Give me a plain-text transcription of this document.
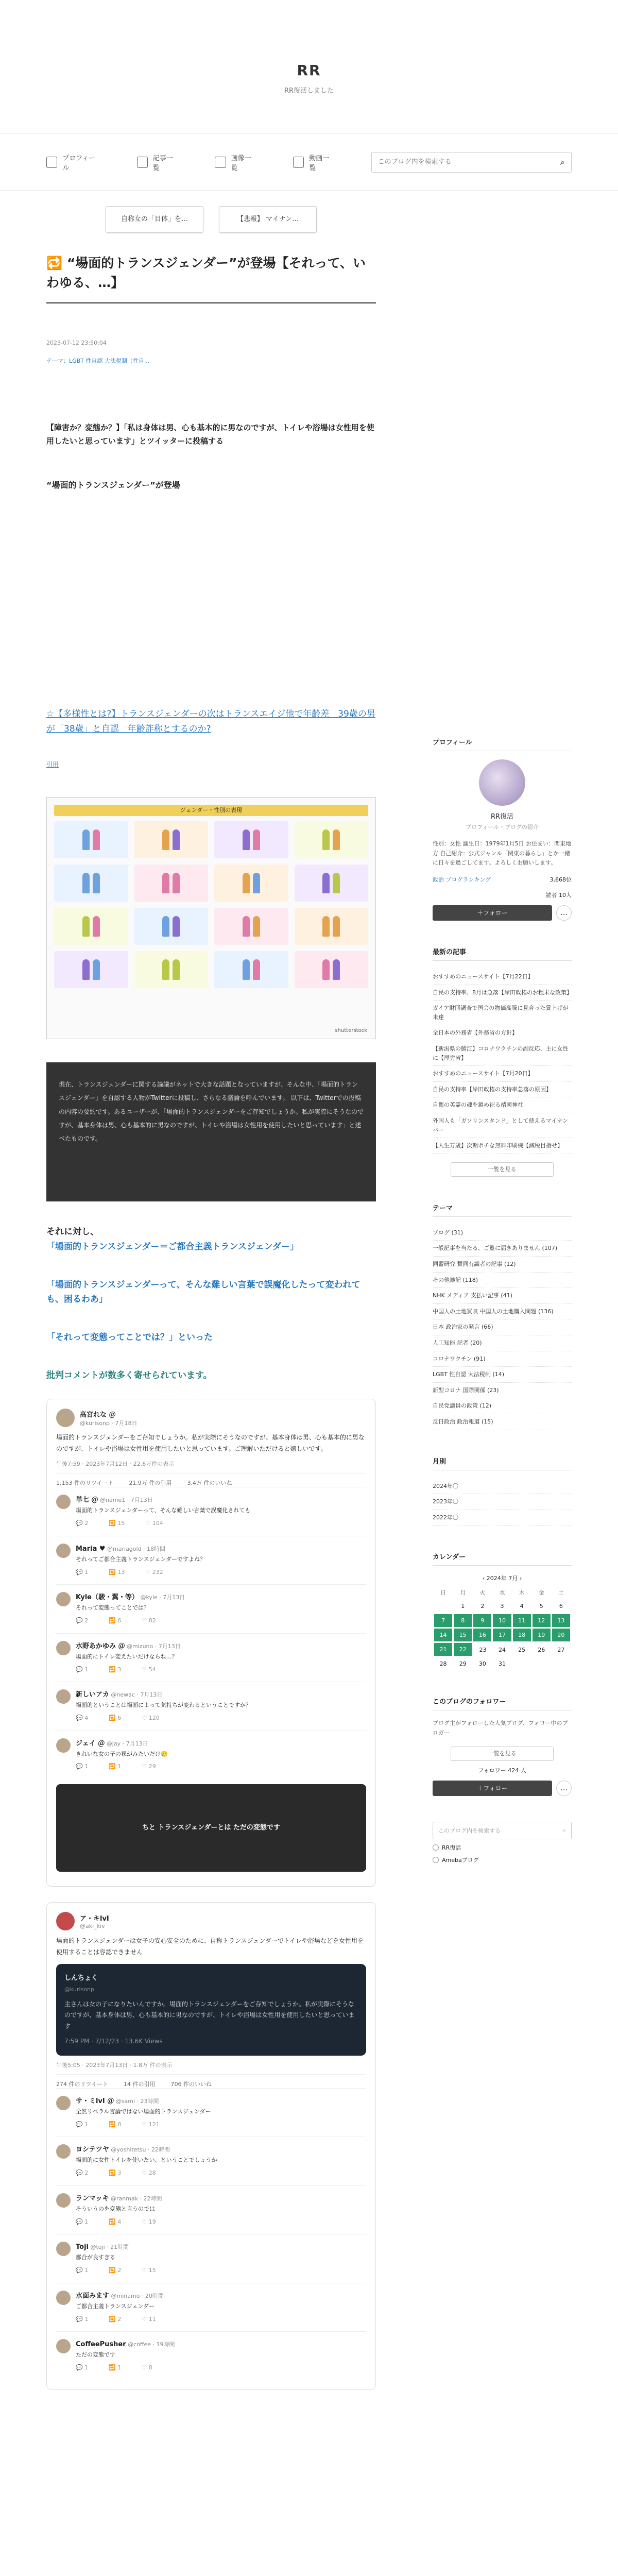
RR
RR復活しました
プロフィール
記事一覧
画像一覧
動画一覧
このブログ内を検索する
⌕
自称女の「目体」を…	【悲報】 マイナン…
🔁 “場面的トランスジェンダー”が登場【それって、いわゆる、…】
2023-07-12 23:50:04
テーマ：LGBT 性自認 大法税制（性自...
【障害か？変態か？】「私は身体は男、心も基本的に男なのですが、トイレや浴場は女性用を使用したいと思っています」とツイッターに投稿する
“場面的トランスジェンダー”が登場
☆【多様性とは?】トランスジェンダーの次はトランスエイジ他で年齢差　39歳の男が「38歳」と自認　年齢詐称とするのか?
引用
ジェンダー・性別の表現
shutterstock
現在、トランスジェンダーに関する論議がネットで大きな話題となっていますが、そんな中、「場面的トランスジェンダー」を自認する人物がTwitterに投稿し、さらなる議論を呼んでいます。 以下は、Twitterでの投稿の内容の要約です。あるユーザーが、「場面的トランスジェンダーをご存知でしょうか。私が実際にそうなのですが、基本身体は男、心も基本的に男なのですが、トイレや浴場は女性用を使用したいと思っています」と述べたものです。
それに対し、
「場面的トランスジェンダー＝ご都合主義トランスジェンダー」
「場面的トランスジェンダーって、そんな難しい言葉で誤魔化したって変われても、困るわあ」
「それって変態ってことでは？」といった
批判コメントが数多く寄せられています。
高宮れな ＠
@kurisonp · 7月18日
場面的トランスジェンダーをご存知でしょうか。私が実際にそうなのですが、基本身体は男、心も基本的に男なのですが、トイレや浴場は女性用を使用したいと思っています。ご理解いただけると嬉しいです。
午後7:59 · 2023年7月12日 · 22.6万件の表示
1,153 件のリツイート	21.9万 件の引用	3.4万 件のいいね
単七 ＠ @name1 · 7月13日
場面的トランスジェンダーって、そんな難しい言葉で誤魔化されても
💬 2	🔁 15	♡ 104
Maria ♥ @mariagold · 18時間
それってご都合主義トランスジェンダーですよね？
💬 1	🔁 13	♡ 232
Kyle（駿・翼・等） @kyle · 7月13日
それって変態ってことでは？
💬 2	🔁 6	♡ 82
水野あかゆみ ＠ @mizuno · 7月13日
場面的にトイレ変えたいだけならね…？
💬 1	🔁 3	♡ 54
新しいアカ @newac · 7月13日
場面的ということは場面によって気持ちが変わるということですか？
💬 4	🔁 6	♡ 120
ジェイ ＠ @jay · 7月13日
きれいな女の子の裸がみたいだけ🥲
💬 1	🔁 1	♡ 29
ちと トランスジェンダーとは ただの変態です
ア・キlvI
@aki_kiv
場面的トランスジェンダーは女子の安心安全のために、自称トランスジェンダーでトイレや浴場などを女性用を使用することは容認できません
しんちょく
@kurisonp
主さんは女の子になりたいんですか。場面的トランスジェンダーをご存知でしょうか。私が実際にそうなのですが、基本身体は男、心も基本的に男なのですが、トイレや浴場は女性用を使用したいと思っています
7:59 PM · 7/12/23 · 13.6K Views
午後5:05 · 2023年7月13日 · 1.8万 件の表示
274 件のリツイート	14 件の引用	706 件のいいね
サ・ミlvI ＠ @sami · 23時間
全然リベラル言論ではない場面的トランスジェンダー
💬 1	🔁 8	♡ 121
ヨシテツヤ @yoshitetsu · 22時間
場面的に女性トイレを使いたい、ということでしょうか
💬 2	🔁 3	♡ 28
ランマッキ @ranmak · 22時間
そういうのを変態と言うのでは
💬 1	🔁 4	♡ 19
Toji @toji · 21時間
都合が良すぎる
💬 1	🔁 2	♡ 15
水面みます @minamo · 20時間
ご都合主義トランスジェンダー
💬 1	🔁 2	♡ 11
CoffeePusher @coffee · 19時間
ただの変態です
💬 1	🔁 1	♡ 8
プロフィール
RR復活
プロフィール・ブログの紹介
性別：女性 誕生日：1979年1月5日 お住まい：関東地方 自己紹介：公式ジャンル「関東の暮らし」とか一緒に日々を過ごしてます。よろしくお願いします。
政治 ブログランキング	3,668位
読者 10人
＋フォロー	…
最新の記事
おすすめのニュースサイト【7月22日】
自民の支持率、8月は急落【岸田政権のお粗末な政策】
ガイア財団調査で国会の物価高騰に見合った賃上げが未達
全日本の外務省【外務省の方針】
【新潟県の鯖江】コロナワクチンの副反応、主に女性に【厚労省】
おすすめのニュースサイト【7月20日】
自民の支持率【岸田政権の支持率急落の原因】
自衛の英霊の魂を鎮め祀る靖國神社
外国人も「ガソリンスタンド」として使えるマイナンバー
【人生万歳】次期ポチな無料印刷機【減税目指せ】
一覧を見る
テーマ
ブログ (31)
一般記事を当たる、ご覧に届きありません (107)
同盟研究 賛同有識者の記事 (12)
その他雑記 (118)
NHK メディア 支払い記事 (41)
中国人の土地買収 中国人の土地購入問題 (136)
日本 政治家の発言 (66)
人工知能 記者 (20)
コロナワクチン (91)
LGBT 性自認 大法税制 (14)
新型コロナ 国際関係 (23)
自民党議員の政策 (12)
反日政治 政治報道 (15)
月別
2024年〇
2023年〇
2022年〇
カレンダー
‹ 2024年 7月 ›
日	月	火	水	木	金	土
	1	2	3	4	5	6
7	8	9	10	11	12	13
14	15	16	17	18	19	20
21	22	23	24	25	26	27
28	29	30	31			
このブログのフォロワー
ブログ主がフォローした人気ブログ、フォロー中のブロガー
一覧を見る
フォロワー 424 人
＋フォロー	…
このブログ内を検索する	⌕
RR復活
Amebaブログ
